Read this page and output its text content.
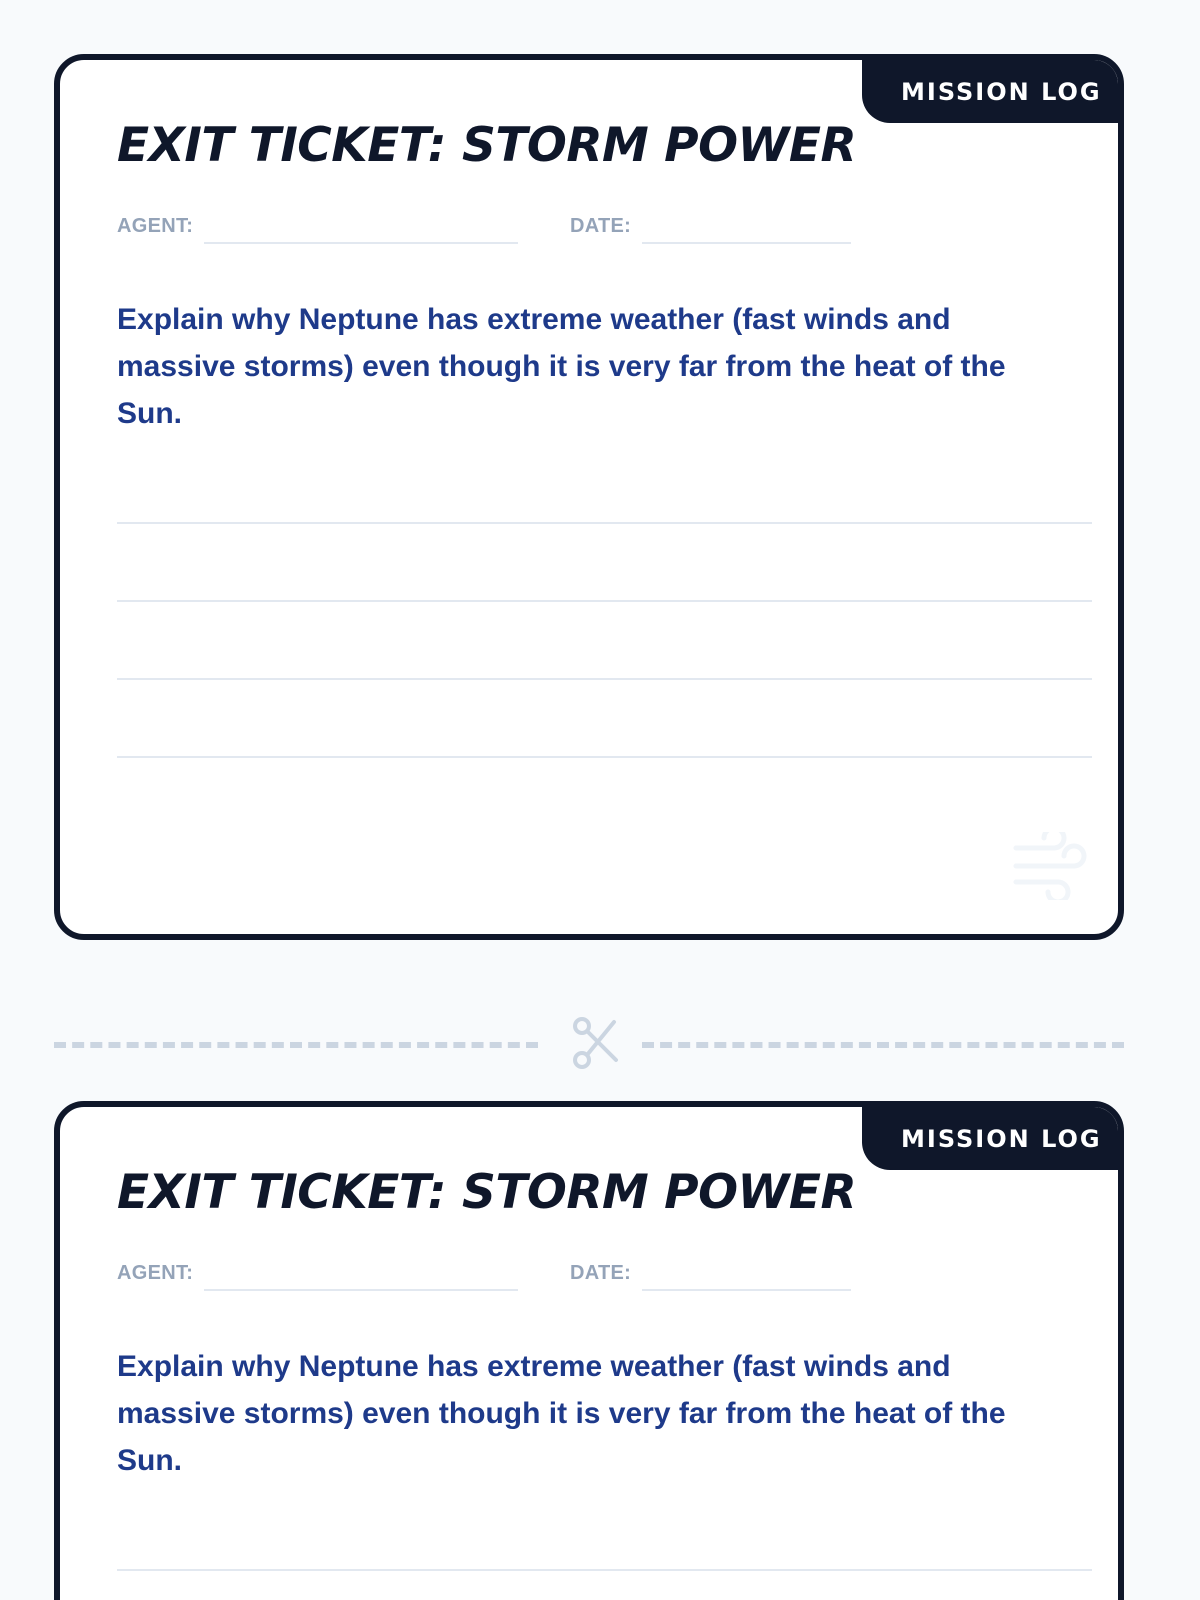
MISSION LOG
EXIT TICKET: STORM POWER
AGENT:	DATE:

Explain why Neptune has extreme weather (fast winds and massive storms) even though it is very far from the heat of the Sun.

MISSION LOG
EXIT TICKET: STORM POWER
AGENT:	DATE:

Explain why Neptune has extreme weather (fast winds and massive storms) even though it is very far from the heat of the Sun.
